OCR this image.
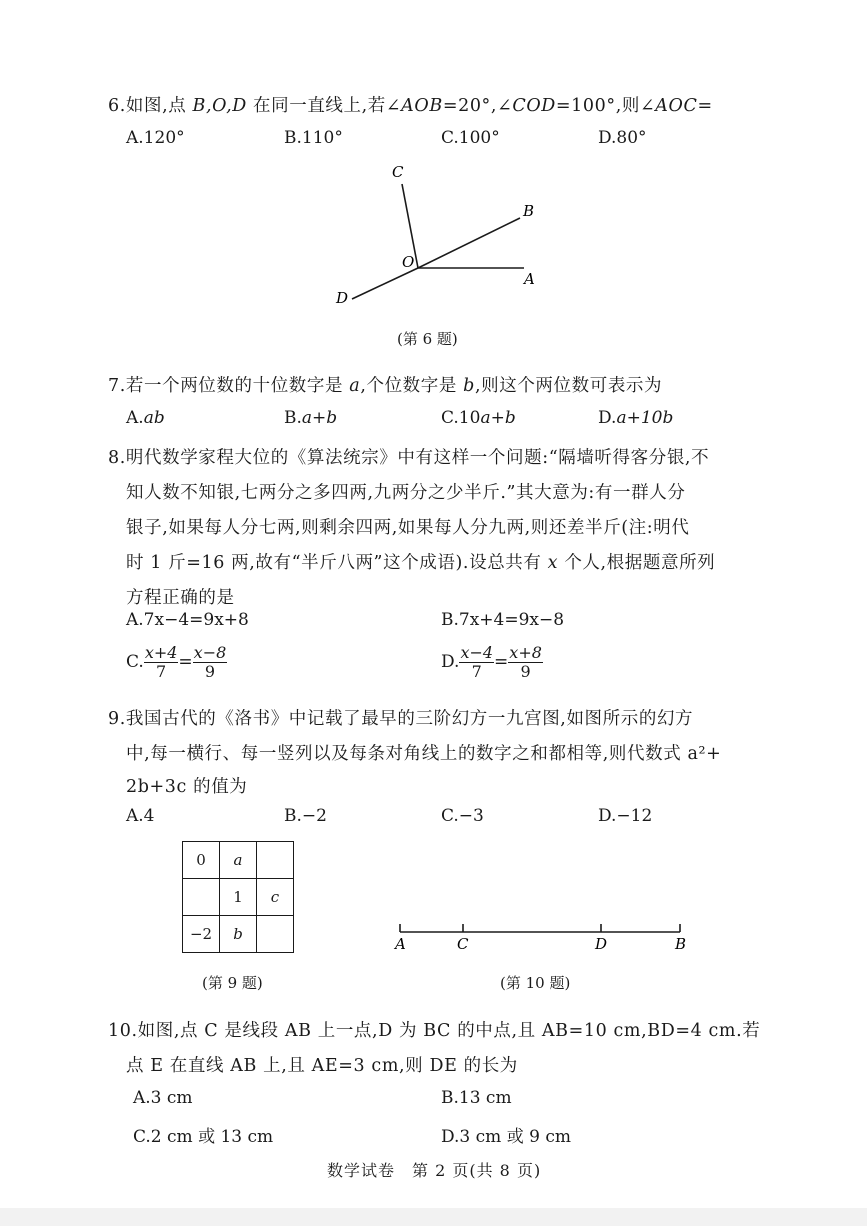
6.如图,点 B,O,D 在同一直线上,若∠AOB=20°,∠COD=100°,则∠AOC=
A.120°	B.110°	C.100°	D.80°
C
B
O
A
D
(第 6 题)
7.若一个两位数的十位数字是 a,个位数字是 b,则这个两位数可表示为
A.ab	B.a+b	C.10a+b	D.a+10b
8.明代数学家程大位的《算法统宗》中有这样一个问题:“隔墙听得客分银,不
知人数不知银,七两分之多四两,九两分之少半斤.”其大意为:有一群人分
银子,如果每人分七两,则剩余四两,如果每人分九两,则还差半斤(注:明代
时 1 斤=16 两,故有“半斤八两”这个成语).设总共有 x 个人,根据题意所列
方程正确的是
A.7x−4=9x+8	B.7x+4=9x−8
C. $\frac{x+4}{7} = \frac{x-8}{9}$	D. $\frac{x-4}{7} = \frac{x+8}{9}$
9.我国古代的《洛书》中记载了最早的三阶幻方一九宫图,如图所示的幻方
中,每一横行、每一竖列以及每条对角线上的数字之和都相等,则代数式 a²+
2b+3c 的值为
A.4	B.−2	C.−3	D.−12
0	a	
	1	c
−2	b	
(第 9 题)
A	C	D	B
(第 10 题)
10.如图,点 C 是线段 AB 上一点,D 为 BC 的中点,且 AB=10 cm,BD=4 cm.若
点 E 在直线 AB 上,且 AE=3 cm,则 DE 的长为
A.3 cm	B.13 cm
C.2 cm 或 13 cm	D.3 cm 或 9 cm
数学试卷　第 2 页(共 8 页)
